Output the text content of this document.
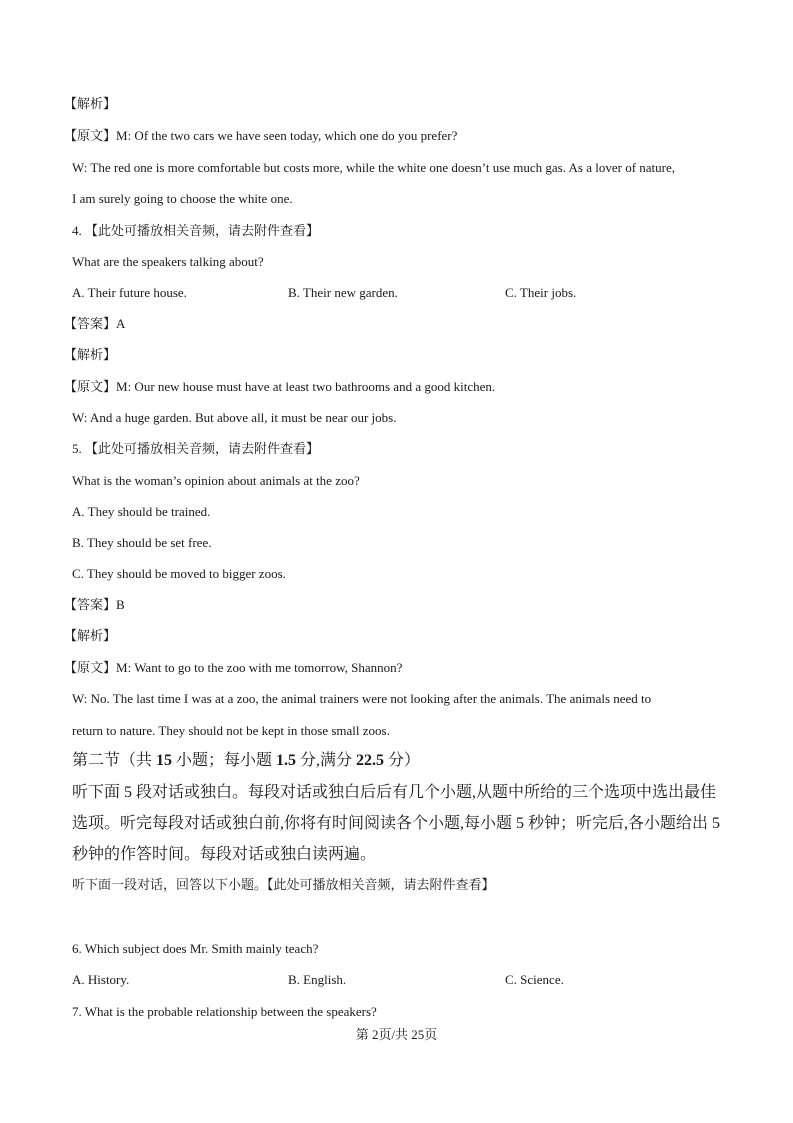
【解析】
【原文】M: Of the two cars we have seen today, which one do you prefer?
W: The red one is more comfortable but costs more, while the white one doesn’t use much gas. As a lover of nature,
I am surely going to choose the white one.
4. 【此处可播放相关音频，请去附件查看】
What are the speakers talking about?
A. Their future house.	B. Their new garden.	C. Their jobs.
【答案】A
【解析】
【原文】M: Our new house must have at least two bathrooms and a good kitchen.
W: And a huge garden. But above all, it must be near our jobs.
5. 【此处可播放相关音频，请去附件查看】
What is the woman’s opinion about animals at the zoo?
A. They should be trained.
B. They should be set free.
C. They should be moved to bigger zoos.
【答案】B
【解析】
【原文】M: Want to go to the zoo with me tomorrow, Shannon?
W: No. The last time I was at a zoo, the animal trainers were not looking after the animals. The animals need to
return to nature. They should not be kept in those small zoos.
第二节（共 15 小题；每小题 1.5 分,满分 22.5 分）
听下面 5 段对话或独白。每段对话或独白后后有几个小题,从题中所给的三个选项中选出最佳
选项。听完每段对话或独白前,你将有时间阅读各个小题,每小题 5 秒钟；听完后,各小题给出 5
秒钟的作答时间。每段对话或独白读两遍。
听下面一段对话，回答以下小题。【此处可播放相关音频，请去附件查看】
6. Which subject does Mr. Smith mainly teach?
A. History.	B. English.	C. Science.
7. What is the probable relationship between the speakers?
第 2页/共 25页
